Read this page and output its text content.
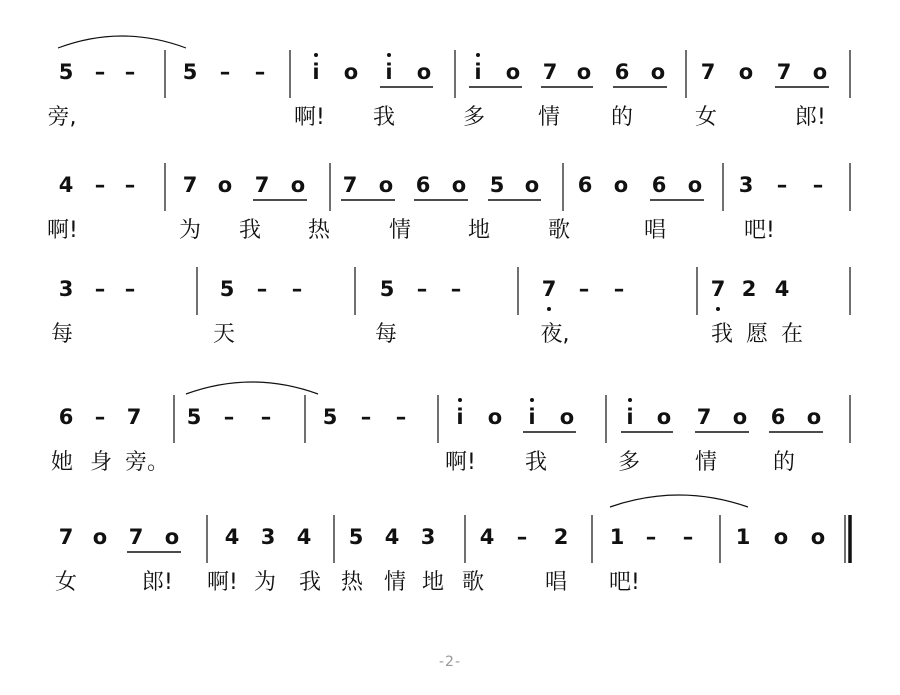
5 – – 5 – –	i	o	i	o	i	o 7 o 6 o 7 o 7 o
4 – – 7 o 7 o 7 o 6 o 5 o 6 o 6 o 3 – –
3 – –	5 – –	5 – –	7 – –	7 2 4
6 – 7 5 – – 5 – –	i	o	i	o	i	o 7 o 6 o
7 o 7 o 4 3 4 5 4 3 4 – 2 1 – – 1 o o
旁,	啊! 我	多 情 的	女	郎!
啊!	为 我 热	情	地	歌	唱	吧!
每	天	每	夜,	我 愿 在
她 身 旁。	啊! 我	多 情	的
女	郎! 啊! 为 我 热 情 地 歌	唱 吧!
-2-
